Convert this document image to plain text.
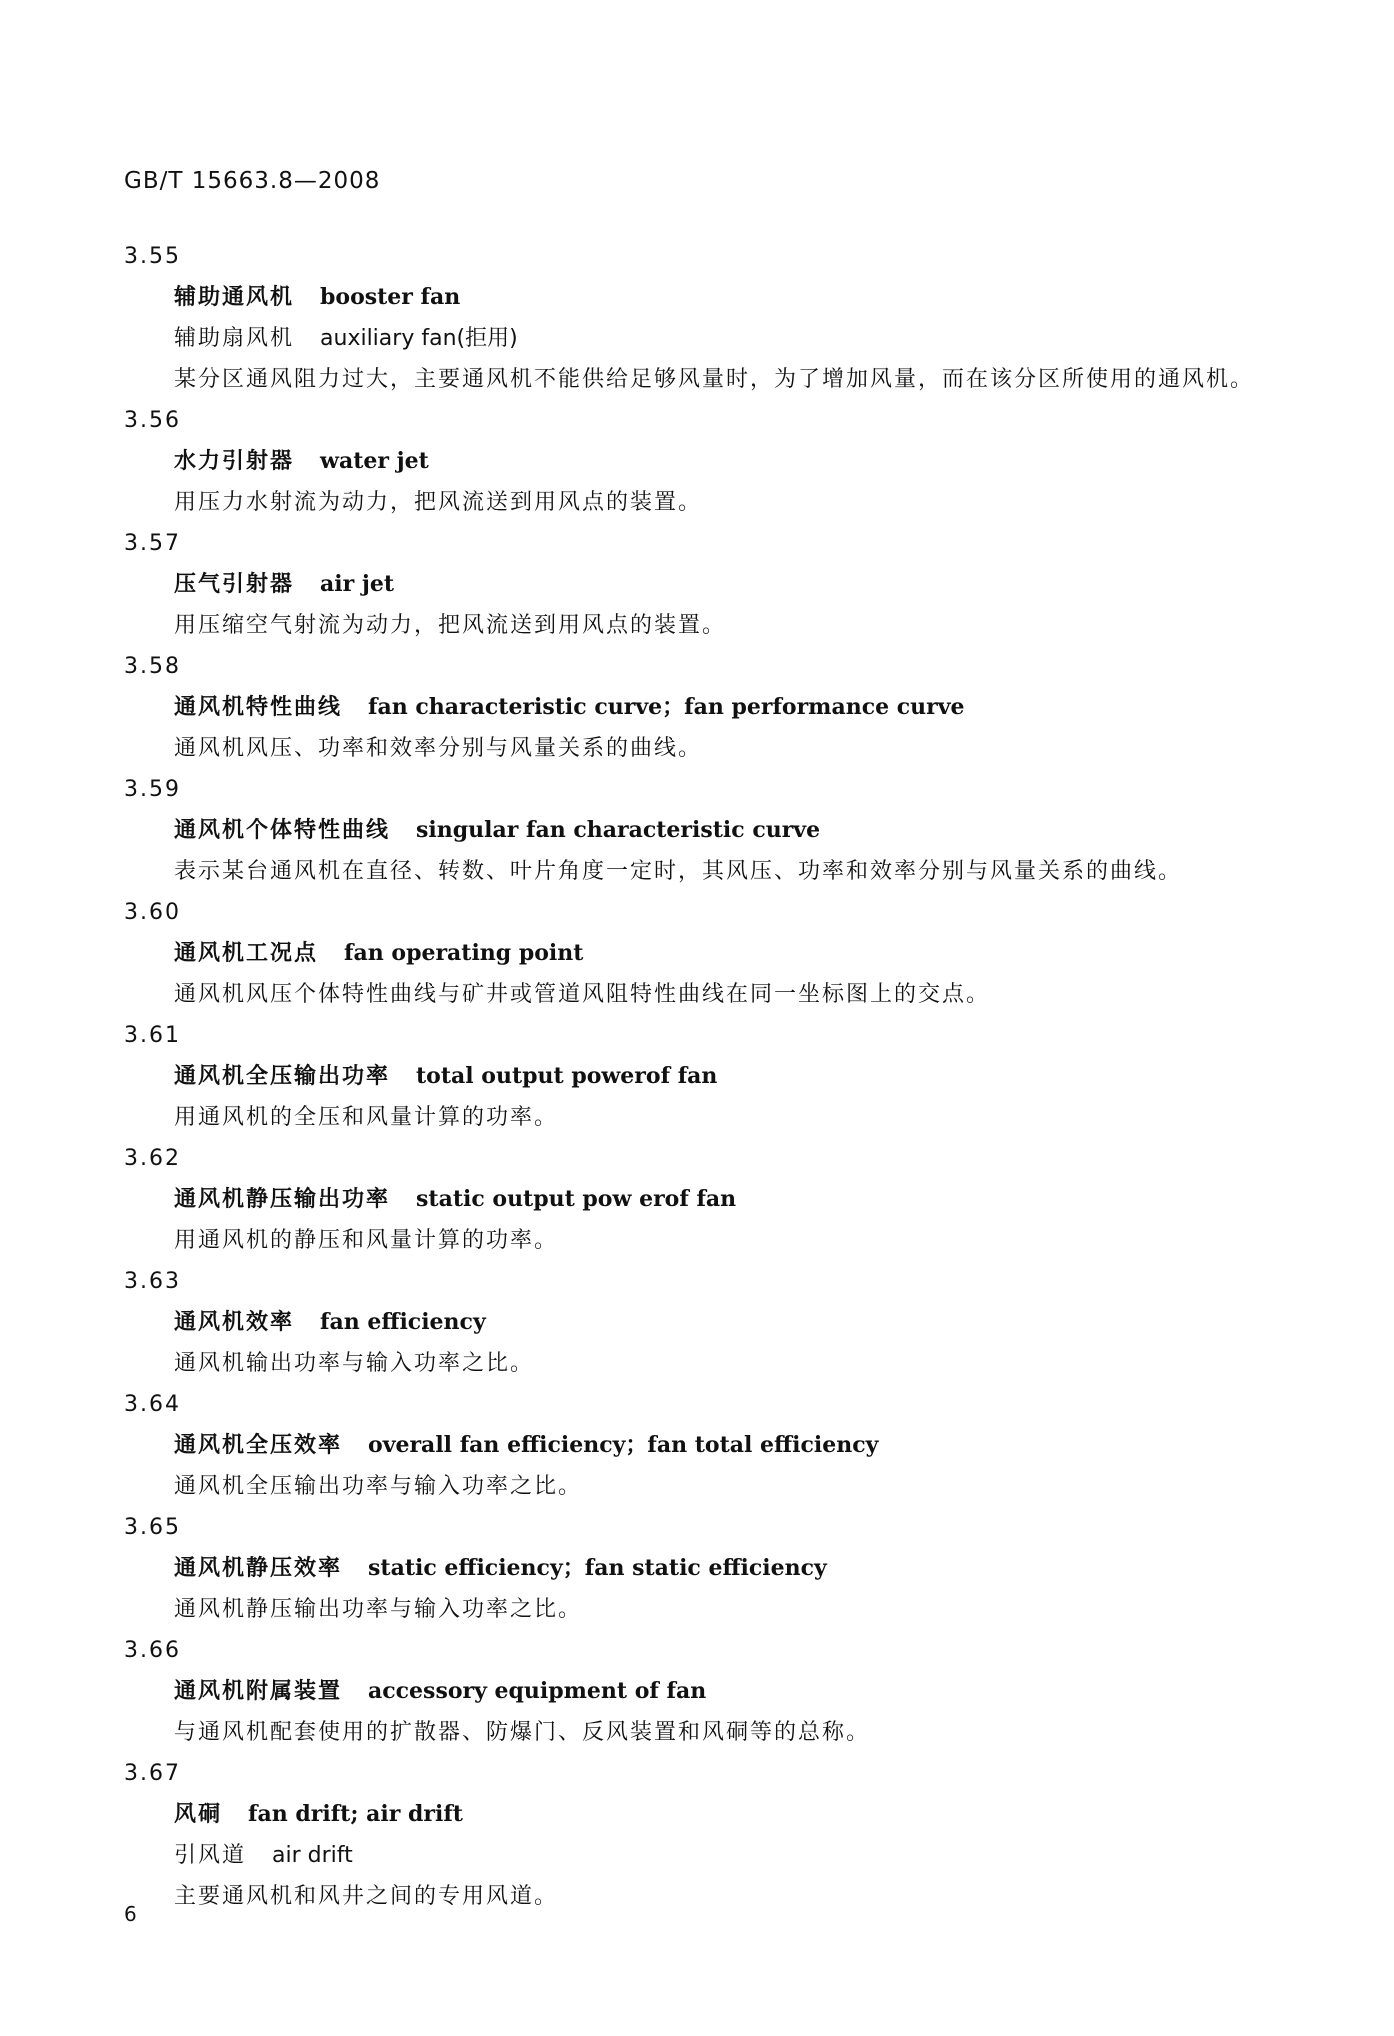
GB/T 15663.8—2008
3.55
辅助通风机 booster fan
辅助扇风机 auxiliary fan(拒用)
某分区通风阻力过大，主要通风机不能供给足够风量时，为了增加风量，而在该分区所使用的通风机。
3.56
水力引射器 water jet
用压力水射流为动力，把风流送到用风点的装置。
3.57
压气引射器 air jet
用压缩空气射流为动力，把风流送到用风点的装置。
3.58
通风机特性曲线 fan characteristic curve；fan performance curve
通风机风压、功率和效率分别与风量关系的曲线。
3.59
通风机个体特性曲线 singular fan characteristic curve
表示某台通风机在直径、转数、叶片角度一定时，其风压、功率和效率分别与风量关系的曲线。
3.60
通风机工况点 fan operating point
通风机风压个体特性曲线与矿井或管道风阻特性曲线在同一坐标图上的交点。
3.61
通风机全压输出功率 total output powerof fan
用通风机的全压和风量计算的功率。
3.62
通风机静压输出功率 static output pow erof fan
用通风机的静压和风量计算的功率。
3.63
通风机效率 fan efficiency
通风机输出功率与输入功率之比。
3.64
通风机全压效率 overall fan efficiency；fan total efficiency
通风机全压输出功率与输入功率之比。
3.65
通风机静压效率 static efficiency；fan static efficiency
通风机静压输出功率与输入功率之比。
3.66
通风机附属装置 accessory equipment of fan
与通风机配套使用的扩散器、防爆门、反风装置和风硐等的总称。
3.67
风硐 fan drift; air drift
引风道 air drift
主要通风机和风井之间的专用风道。
6
